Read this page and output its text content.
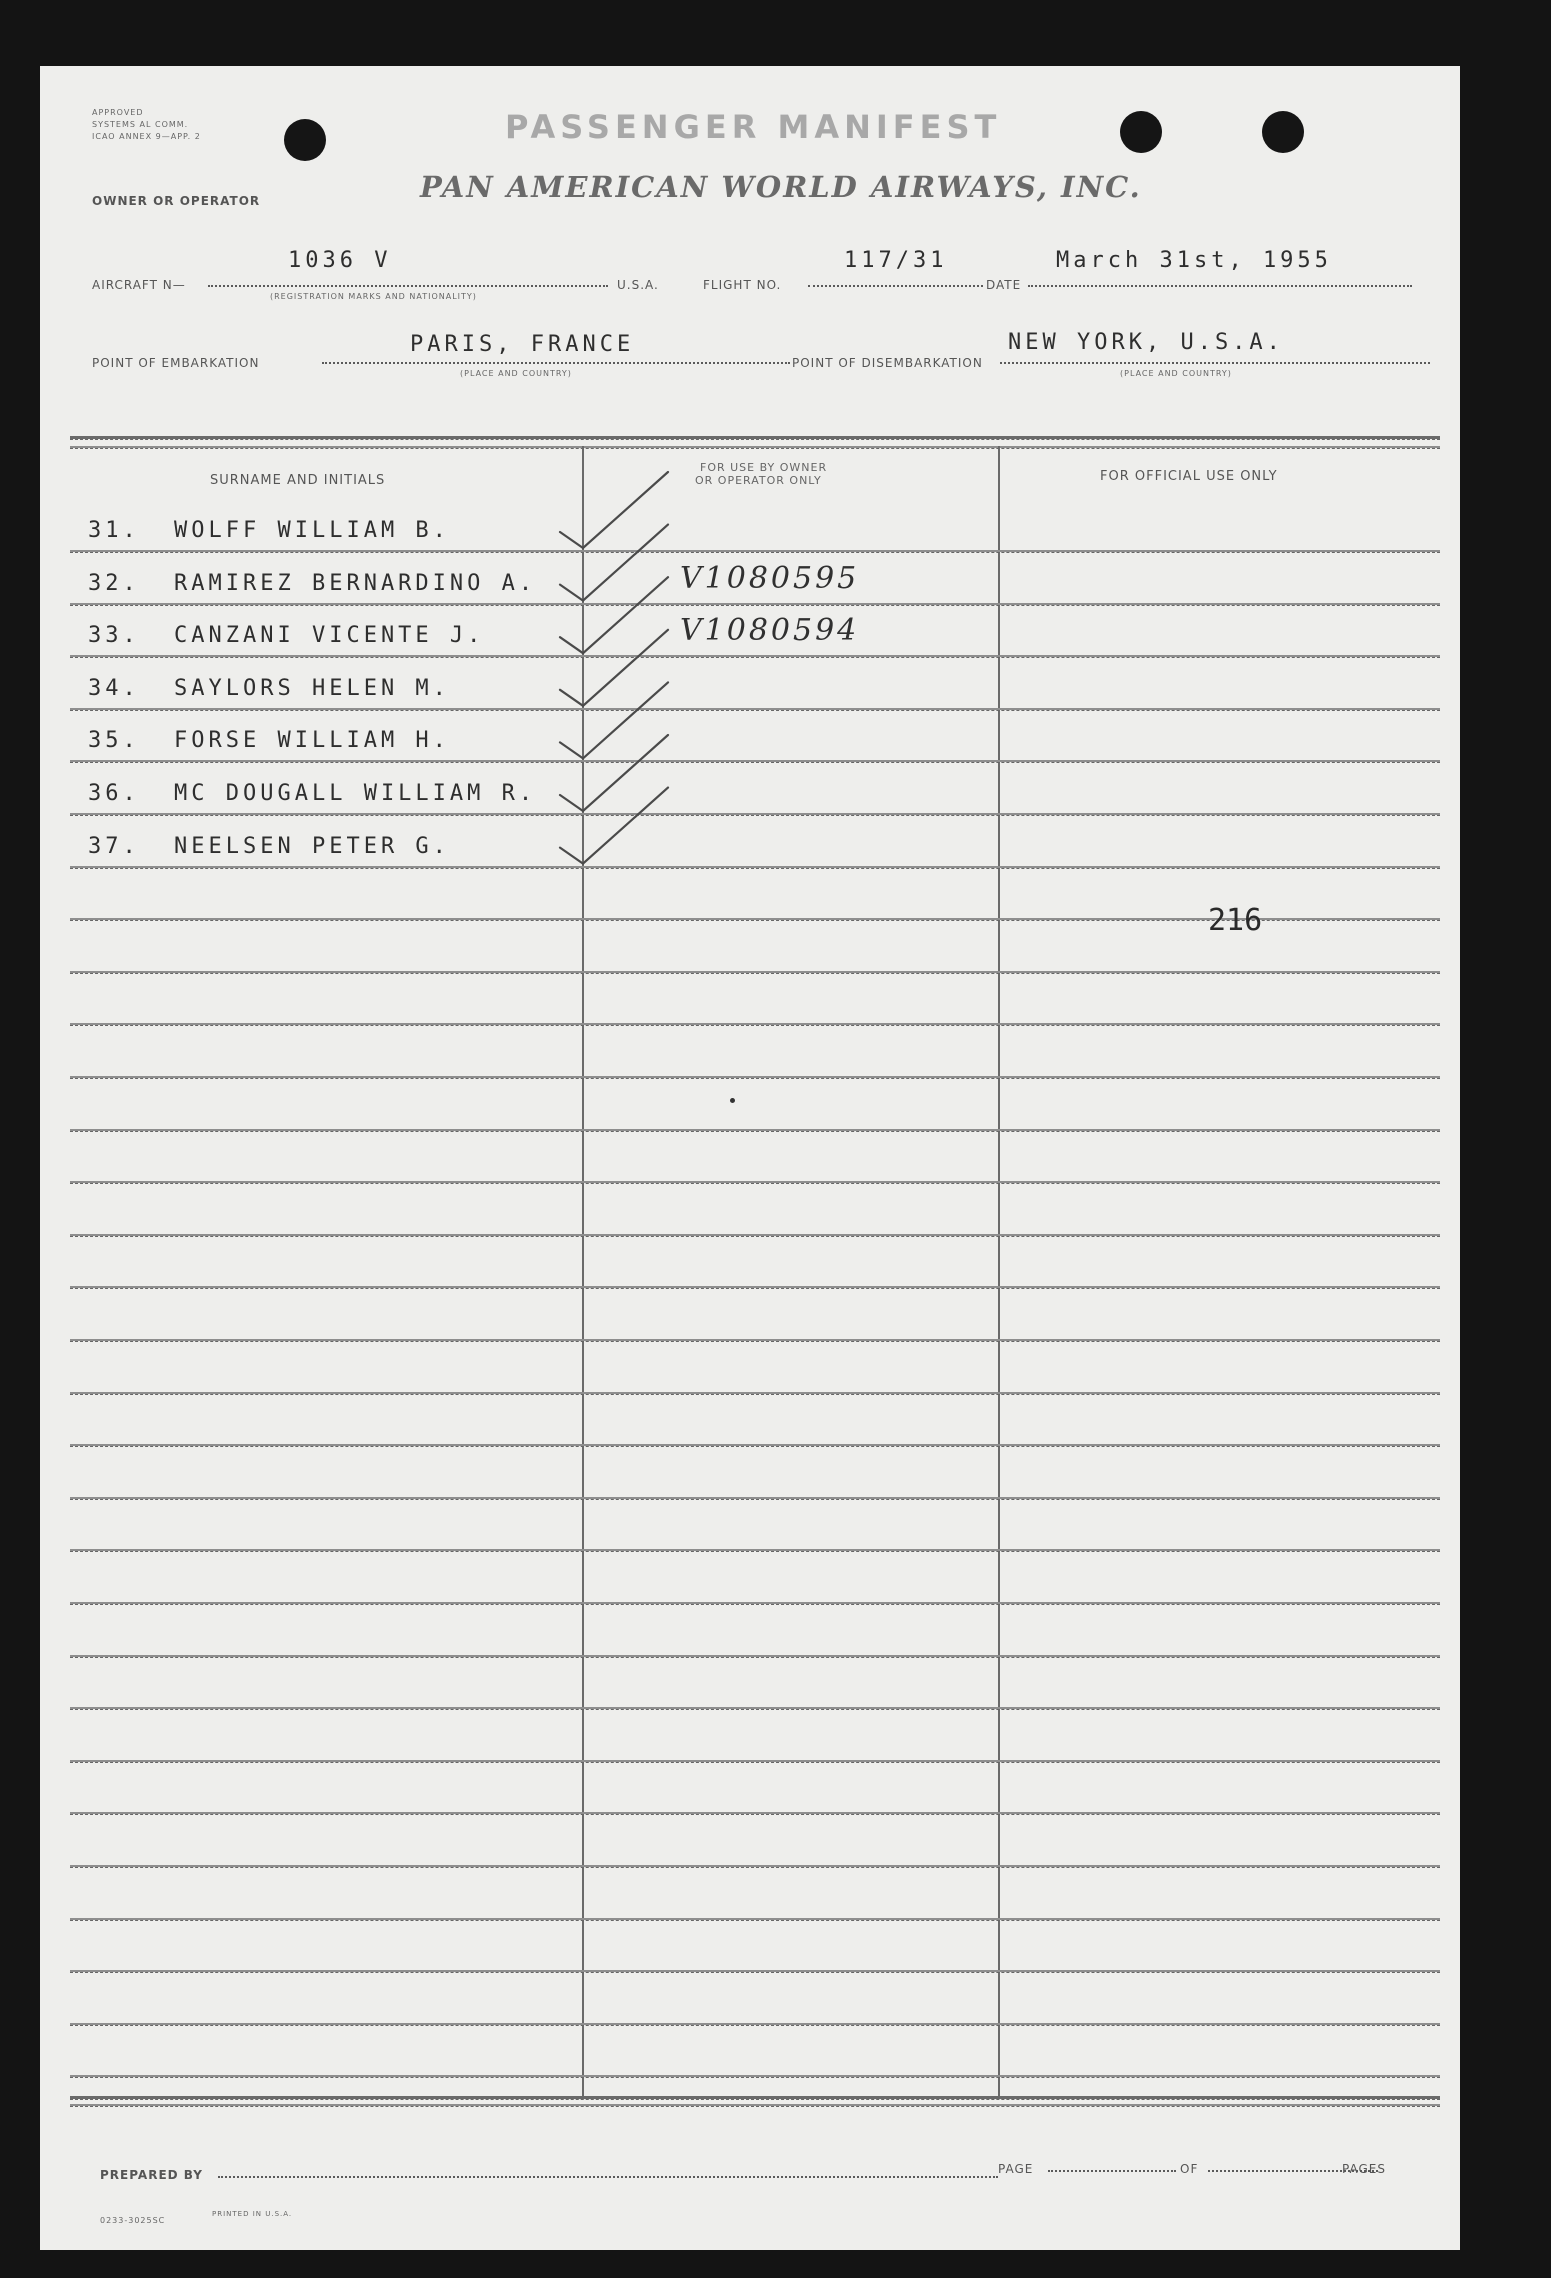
APPROVED
SYSTEMS AL COMM.
ICAO ANNEX 9—APP. 2	PASSENGER MANIFEST
OWNER OR OPERATOR	PAN AMERICAN WORLD AIRWAYS, INC.
AIRCRAFT N—
1036 V
(REGISTRATION MARKS AND NATIONALITY)
U.S.A.	FLIGHT NO.
117/31
DATE
March 31st, 1955
POINT OF EMBARKATION
PARIS, FRANCE
(PLACE AND COUNTRY)
POINT OF DISEMBARKATION
NEW YORK, U.S.A.
(PLACE AND COUNTRY)
SURNAME AND INITIALS
FOR USE BY OWNER
OR OPERATOR ONLY	FOR OFFICIAL USE ONLY
31. WOLFF WILLIAM B.
32. RAMIREZ BERNARDINO A.	V1080595
33. CANZANI VICENTE J.	V1080594
34. SAYLORS HELEN M.
35. FORSE WILLIAM H.
36. MC DOUGALL WILLIAM R.
37. NEELSEN PETER G.
216
PREPARED BY	PAGE	OF	PAGES
0233-3025SC
PRINTED IN U.S.A.
